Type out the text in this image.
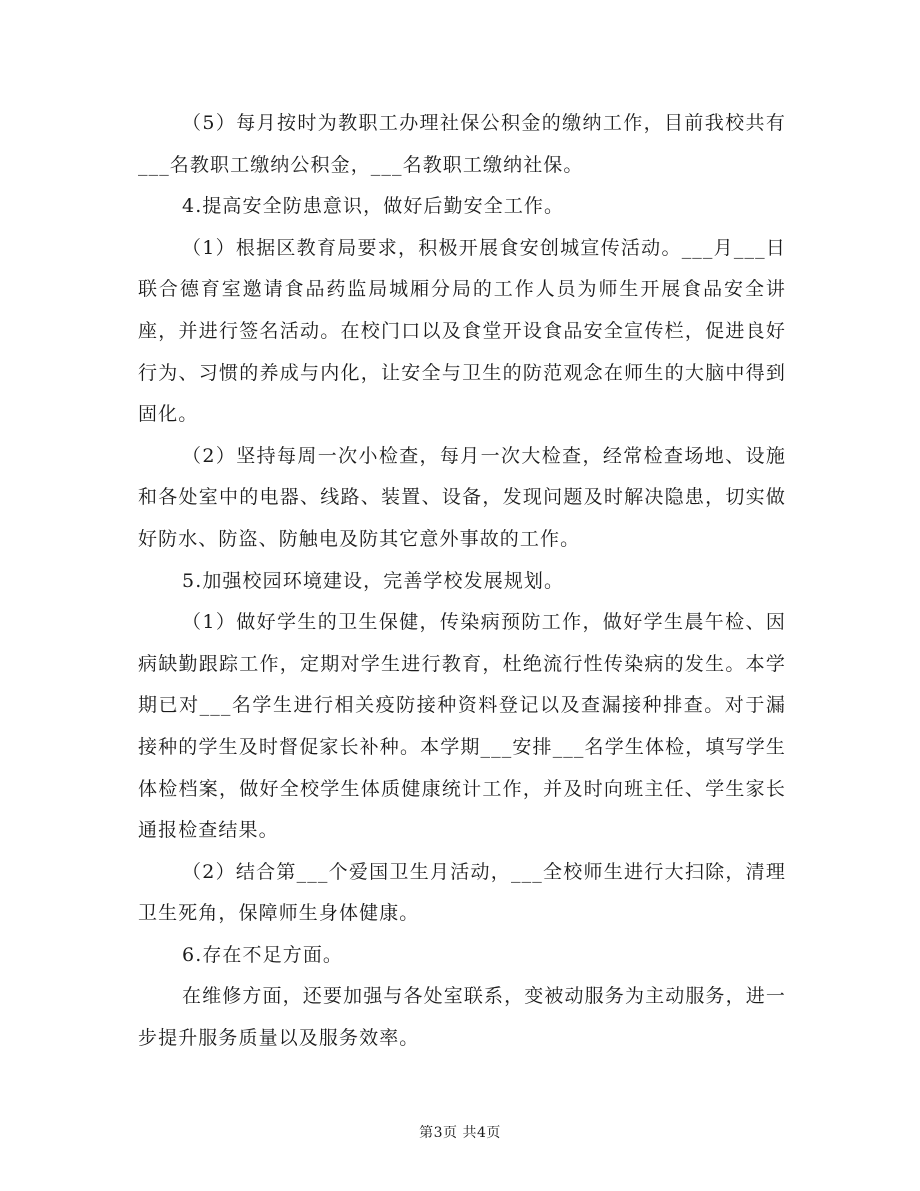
（5）每月按时为教职工办理社保公积金的缴纳工作，目前我校共有___名教职工缴纳公积金，___名教职工缴纳社保。

4.提高安全防患意识，做好后勤安全工作。

（1）根据区教育局要求，积极开展食安创城宣传活动。___月___日联合德育室邀请食品药监局城厢分局的工作人员为师生开展食品安全讲座，并进行签名活动。在校门口以及食堂开设食品安全宣传栏，促进良好行为、习惯的养成与内化，让安全与卫生的防范观念在师生的大脑中得到固化。

（2）坚持每周一次小检查，每月一次大检查，经常检查场地、设施和各处室中的电器、线路、装置、设备，发现问题及时解决隐患，切实做好防水、防盗、防触电及防其它意外事故的工作。

5.加强校园环境建设，完善学校发展规划。

（1）做好学生的卫生保健，传染病预防工作，做好学生晨午检、因病缺勤跟踪工作，定期对学生进行教育，杜绝流行性传染病的发生。本学期已对___名学生进行相关疫防接种资料登记以及查漏接种排查。对于漏接种的学生及时督促家长补种。本学期___安排___名学生体检，填写学生体检档案，做好全校学生体质健康统计工作，并及时向班主任、学生家长通报检查结果。

（2）结合第___个爱国卫生月活动，___全校师生进行大扫除，清理卫生死角，保障师生身体健康。

6.存在不足方面。

在维修方面，还要加强与各处室联系，变被动服务为主动服务，进一步提升服务质量以及服务效率。

第3页 共4页
